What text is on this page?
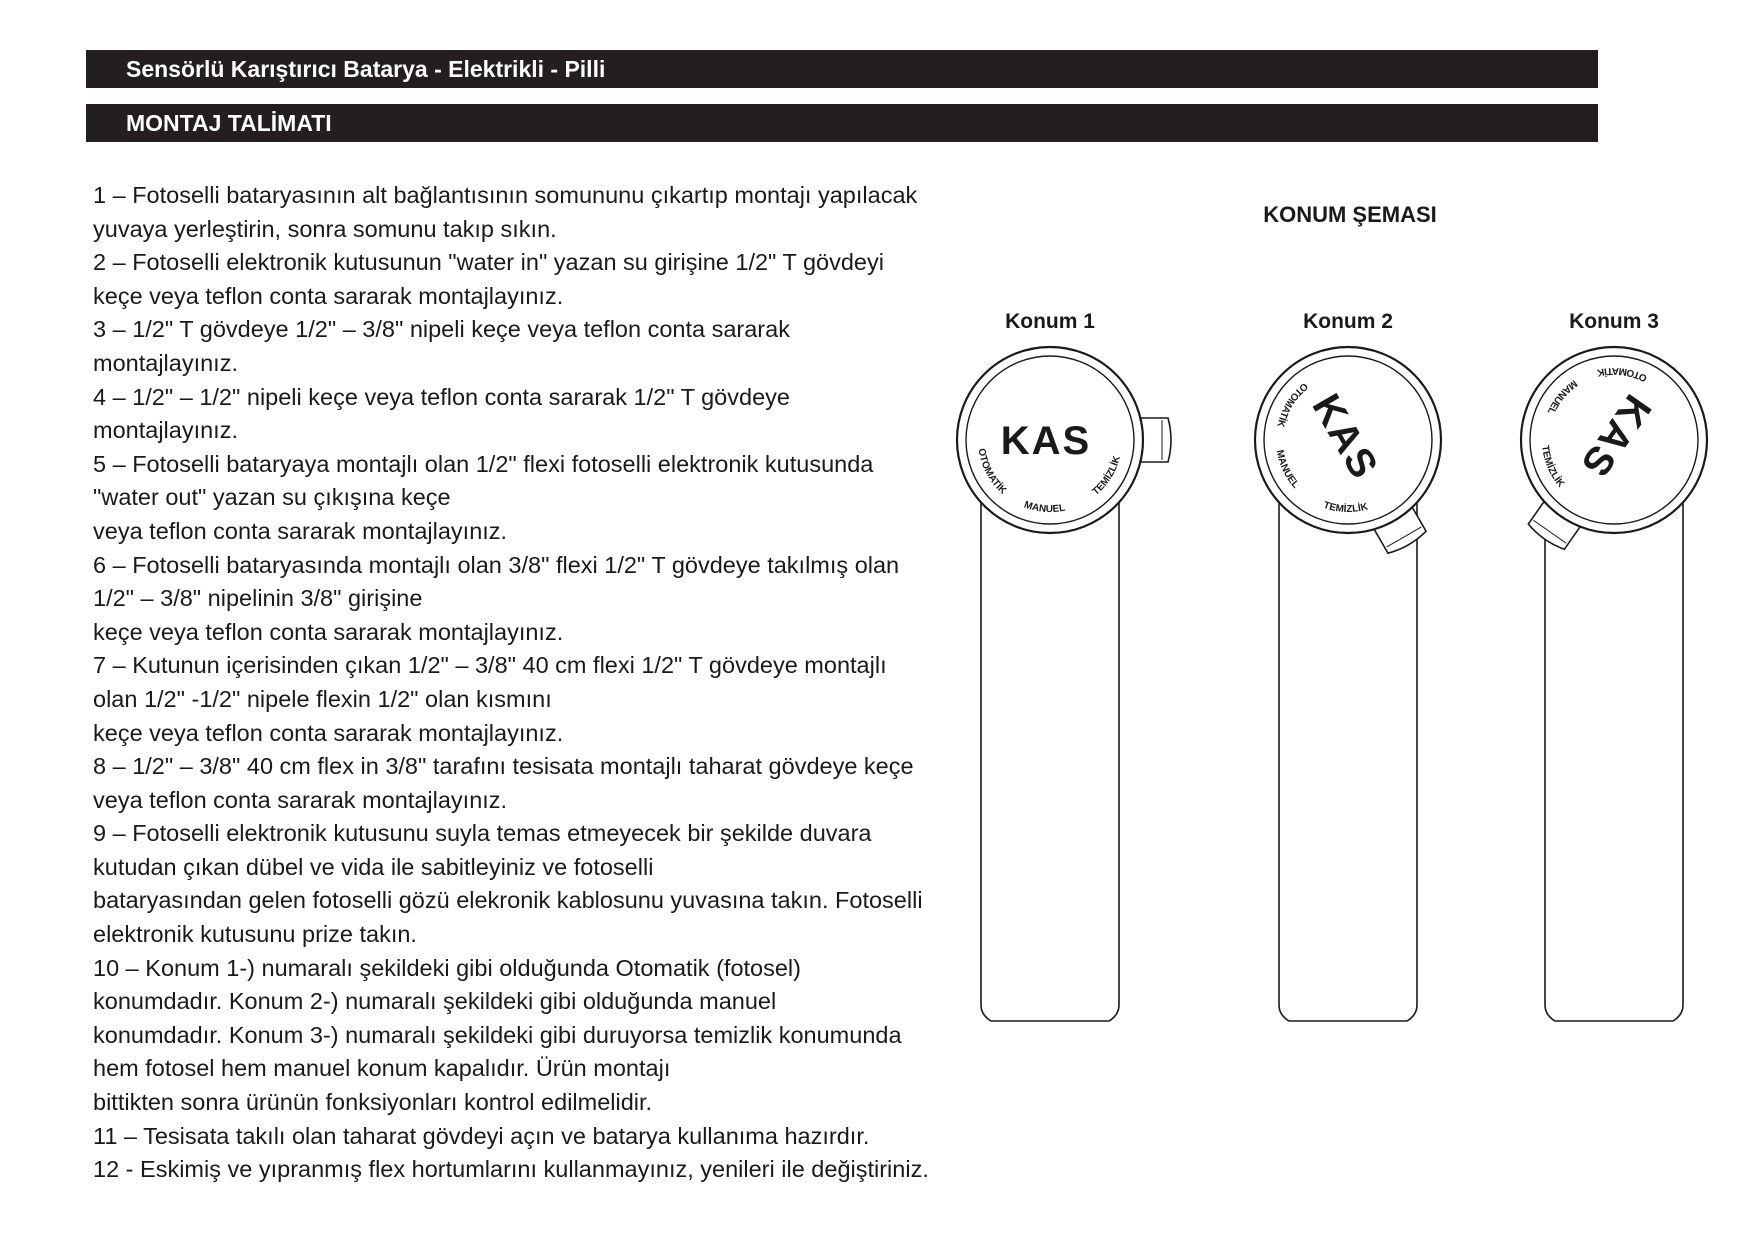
Sensörlü Karıştırıcı Batarya - Elektrikli - Pilli
MONTAJ TALİMATI
1 – Fotoselli bataryasının alt bağlantısının somununu çıkartıp montajı yapılacak
yuvaya yerleştirin, sonra somunu takıp sıkın.
2 – Fotoselli elektronik kutusunun "water in" yazan su girişine 1/2" T gövdeyi
keçe veya teflon conta sararak montajlayınız.
3 – 1/2" T gövdeye 1/2" – 3/8" nipeli keçe veya teflon conta sararak
montajlayınız.
4 – 1/2" – 1/2" nipeli keçe veya teflon conta sararak 1/2" T gövdeye
montajlayınız.
5 – Fotoselli bataryaya montajlı olan 1/2" flexi fotoselli elektronik kutusunda
"water out" yazan su çıkışına keçe
veya teflon conta sararak montajlayınız.
6 – Fotoselli bataryasında montajlı olan 3/8" flexi 1/2" T gövdeye takılmış olan
1/2" – 3/8" nipelinin 3/8" girişine
keçe veya teflon conta sararak montajlayınız.
7 – Kutunun içerisinden çıkan 1/2" – 3/8" 40 cm flexi 1/2" T gövdeye montajlı
olan 1/2" -1/2" nipele flexin 1/2" olan kısmını
keçe veya teflon conta sararak montajlayınız.
8 – 1/2" – 3/8" 40 cm flex in 3/8" tarafını tesisata montajlı taharat gövdeye keçe
veya teflon conta sararak montajlayınız.
9 – Fotoselli elektronik kutusunu suyla temas etmeyecek bir şekilde duvara
kutudan çıkan dübel ve vida ile sabitleyiniz ve fotoselli
bataryasından gelen fotoselli gözü elekronik kablosunu yuvasına takın. Fotoselli
elektronik kutusunu prize takın.
10 – Konum 1-) numaralı şekildeki gibi olduğunda Otomatik (fotosel)
konumdadır. Konum 2-) numaralı şekildeki gibi olduğunda manuel
konumdadır. Konum 3-) numaralı şekildeki gibi duruyorsa temizlik konumunda
hem fotosel hem manuel konum kapalıdır. Ürün montajı
bittikten sonra ürünün fonksiyonları kontrol edilmelidir.
11 – Tesisata takılı olan taharat gövdeyi açın ve batarya kullanıma hazırdır.
12 - Eskimiş ve yıpranmış flex hortumlarını kullanmayınız, yenileri ile değiştiriniz.
KONUM ŞEMASI
Konum 1	Konum 2	Konum 3
KAS
OTOMATİK
MANUEL
TEMİZLİK	KAS
OTOMATİK
MANUEL
TEMİZLİK
KAS
OTOMATİK
MANUEL
TEMİZLİK
